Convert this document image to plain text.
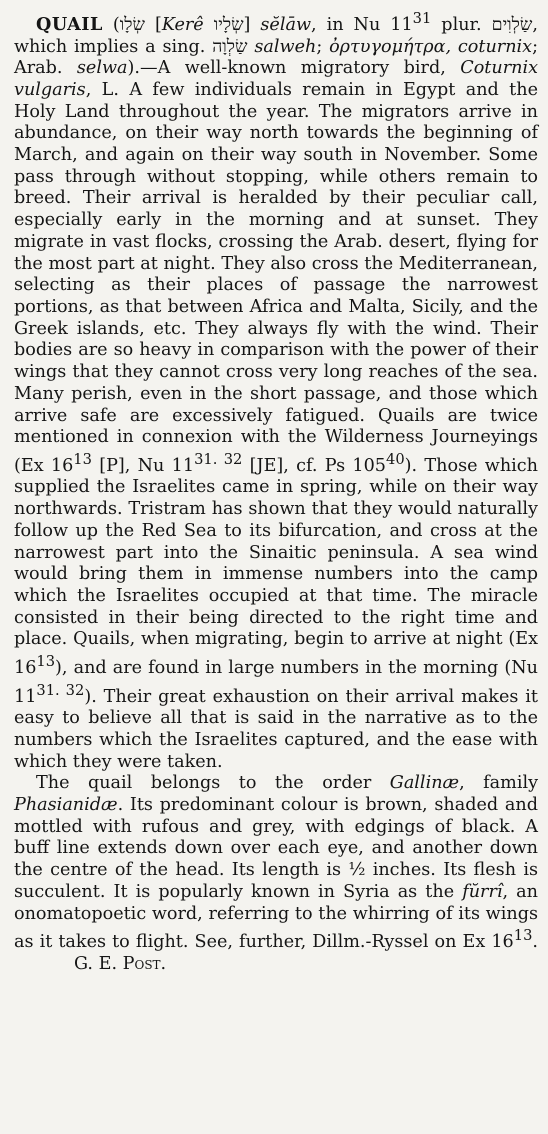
QUAIL (שְׂלָו [Kerê שְׂלָיו] sĕlāw, in Nu $11^{31}$ plur. שַׂלְוִים, which implies a sing. שַׂלְוָה salweh; ὀρτυγομήτρα, coturnix; Arab. selwa).—A well-known migratory bird, Coturnix vulgaris, L. A few individuals remain in Egypt and the Holy Land throughout the year. The migrators arrive in abundance, on their way north towards the beginning of March, and again on their way south in November. Some pass through without stopping, while others remain to breed. Their arrival is heralded by their peculiar call, especially early in the morning and at sunset. They migrate in vast flocks, crossing the Arab. desert, flying for the most part at night. They also cross the Mediterranean, selecting as their places of passage the narrowest portions, as that between Africa and Malta, Sicily, and the Greek islands, etc. They always fly with the wind. Their bodies are so heavy in comparison with the power of their wings that they cannot cross very long reaches of the sea. Many perish, even in the short passage, and those which arrive safe are excessively fatigued. Quails are twice mentioned in connexion with the Wilderness Journeyings (Ex $16^{13}$ [P], Nu $11^{31. 32}$ [JE], cf. Ps $105^{40}$). Those which supplied the Israelites came in spring, while on their way northwards. Tristram has shown that they would naturally follow up the Red Sea to its bifurcation, and cross at the narrowest part into the Sinaitic peninsula. A sea wind would bring them in immense numbers into the camp which the Israelites occupied at that time. The miracle consisted in their being directed to the right time and place. Quails, when migrating, begin to arrive at night (Ex $16^{13}$), and are found in large numbers in the morning (Nu $11^{31. 32}$). Their great exhaustion on their arrival makes it easy to believe all that is said in the narrative as to the numbers which the Israelites captured, and the ease with which they were taken.

The quail belongs to the order Gallinæ, family Phasianidæ. Its predominant colour is brown, shaded and mottled with rufous and grey, with edgings of black. A buff line extends down over each eye, and another down the centre of the head. Its length is ½ inches. Its flesh is succulent. It is popularly known in Syria as the fŭrrî, an onomatopoetic word, referring to the whirring of its wings as it takes to flight. See, further, Dillm.-Ryssel on Ex $16^{13}.G$. E. Post.
